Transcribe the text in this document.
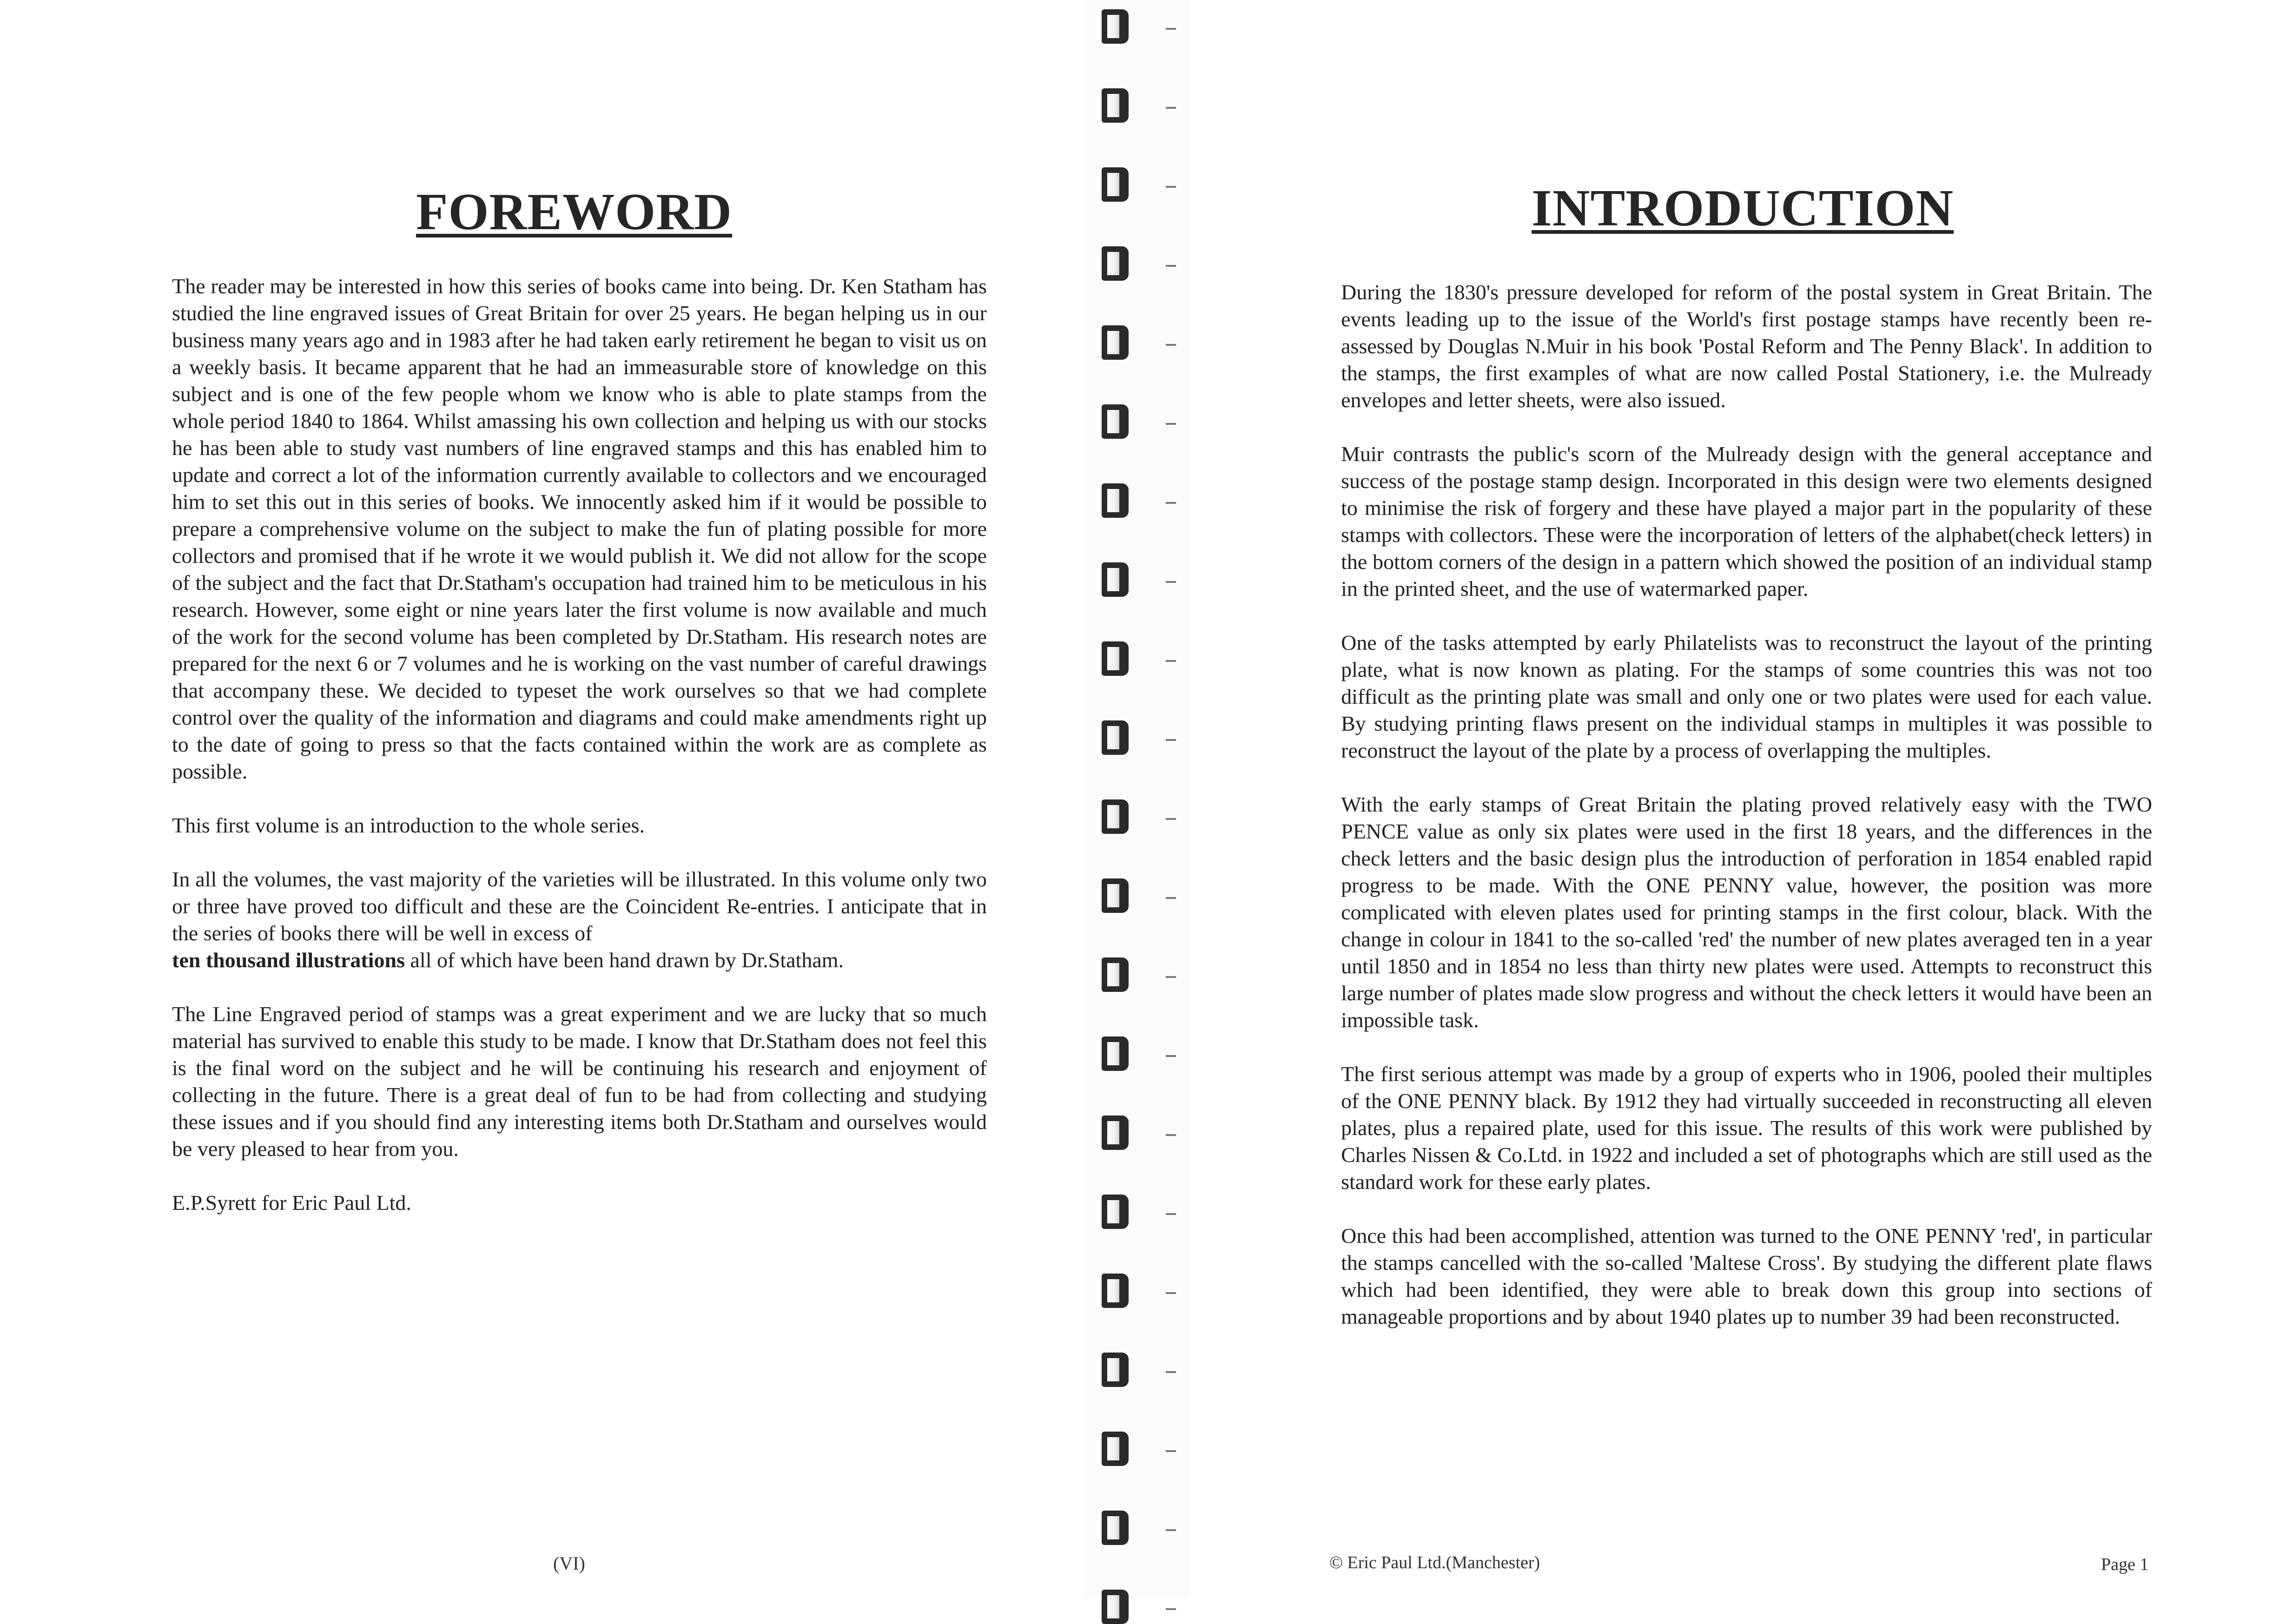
FOREWORD

The reader may be interested in how this series of books came into being. Dr. Ken Statham has studied the line engraved issues of Great Britain for over 25 years. He began helping us in our business many years ago and in 1983 after he had taken early retirement he began to visit us on a weekly basis. It became apparent that he had an immeasurable store of knowledge on this subject and is one of the few people whom we know who is able to plate stamps from the whole period 1840 to 1864. Whilst amassing his own collection and helping us with our stocks he has been able to study vast numbers of line engraved stamps and this has enabled him to update and correct a lot of the information currently available to collectors and we encouraged him to set this out in this series of books. We innocently asked him if it would be possible to prepare a comprehensive volume on the subject to make the fun of plating possible for more collectors and promised that if he wrote it we would publish it. We did not allow for the scope of the subject and the fact that Dr.Statham's occupation had trained him to be meticulous in his research. However, some eight or nine years later the first volume is now available and much of the work for the second volume has been completed by Dr.Statham. His research notes are prepared for the next 6 or 7 volumes and he is working on the vast number of careful drawings that accompany these. We decided to typeset the work ourselves so that we had complete control over the quality of the information and diagrams and could make amendments right up to the date of going to press so that the facts contained within the work are as complete as possible.

This first volume is an introduction to the whole series.

In all the volumes, the vast majority of the varieties will be illustrated. In this volume only two or three have proved too difficult and these are the Coincident Re-entries. I anticipate that in the series of books there will be well in excess of
ten thousand illustrations all of which have been hand drawn by Dr.Statham.

The Line Engraved period of stamps was a great experiment and we are lucky that so much material has survived to enable this study to be made. I know that Dr.Statham does not feel this is the final word on the subject and he will be continuing his research and enjoyment of collecting in the future. There is a great deal of fun to be had from collecting and studying these issues and if you should find any interesting items both Dr.Statham and ourselves would be very pleased to hear from you.

E.P.Syrett for Eric Paul Ltd.

(VI)
INTRODUCTION

During the 1830's pressure developed for reform of the postal system in Great Britain. The events leading up to the issue of the World's first postage stamps have recently been re-assessed by Douglas N.Muir in his book 'Postal Reform and The Penny Black'. In addition to the stamps, the first examples of what are now called Postal Stationery, i.e. the Mulready envelopes and letter sheets, were also issued.

Muir contrasts the public's scorn of the Mulready design with the general acceptance and success of the postage stamp design. Incorporated in this design were two elements designed to minimise the risk of forgery and these have played a major part in the popularity of these stamps with collectors. These were the incorporation of letters of the alphabet(check letters) in the bottom corners of the design in a pattern which showed the position of an individual stamp in the printed sheet, and the use of watermarked paper.

One of the tasks attempted by early Philatelists was to reconstruct the layout of the printing plate, what is now known as plating. For the stamps of some countries this was not too difficult as the printing plate was small and only one or two plates were used for each value. By studying printing flaws present on the individual stamps in multiples it was possible to reconstruct the layout of the plate by a process of overlapping the multiples.

With the early stamps of Great Britain the plating proved relatively easy with the TWO PENCE value as only six plates were used in the first 18 years, and the differences in the check letters and the basic design plus the introduction of perforation in 1854 enabled rapid progress to be made. With the ONE PENNY value, however, the position was more complicated with eleven plates used for printing stamps in the first colour, black. With the change in colour in 1841 to the so-called 'red' the number of new plates averaged ten in a year until 1850 and in 1854 no less than thirty new plates were used. Attempts to reconstruct this large number of plates made slow progress and without the check letters it would have been an impossible task.

The first serious attempt was made by a group of experts who in 1906, pooled their multiples of the ONE PENNY black. By 1912 they had virtually succeeded in reconstructing all eleven plates, plus a repaired plate, used for this issue. The results of this work were published by Charles Nissen & Co.Ltd. in 1922 and included a set of photographs which are still used as the standard work for these early plates.

Once this had been accomplished, attention was turned to the ONE PENNY 'red', in particular the stamps cancelled with the so-called 'Maltese Cross'. By studying the different plate flaws which had been identified, they were able to break down this group into sections of manageable proportions and by about 1940 plates up to number 39 had been reconstructed.

© Eric Paul Ltd.(Manchester)	Page 1
